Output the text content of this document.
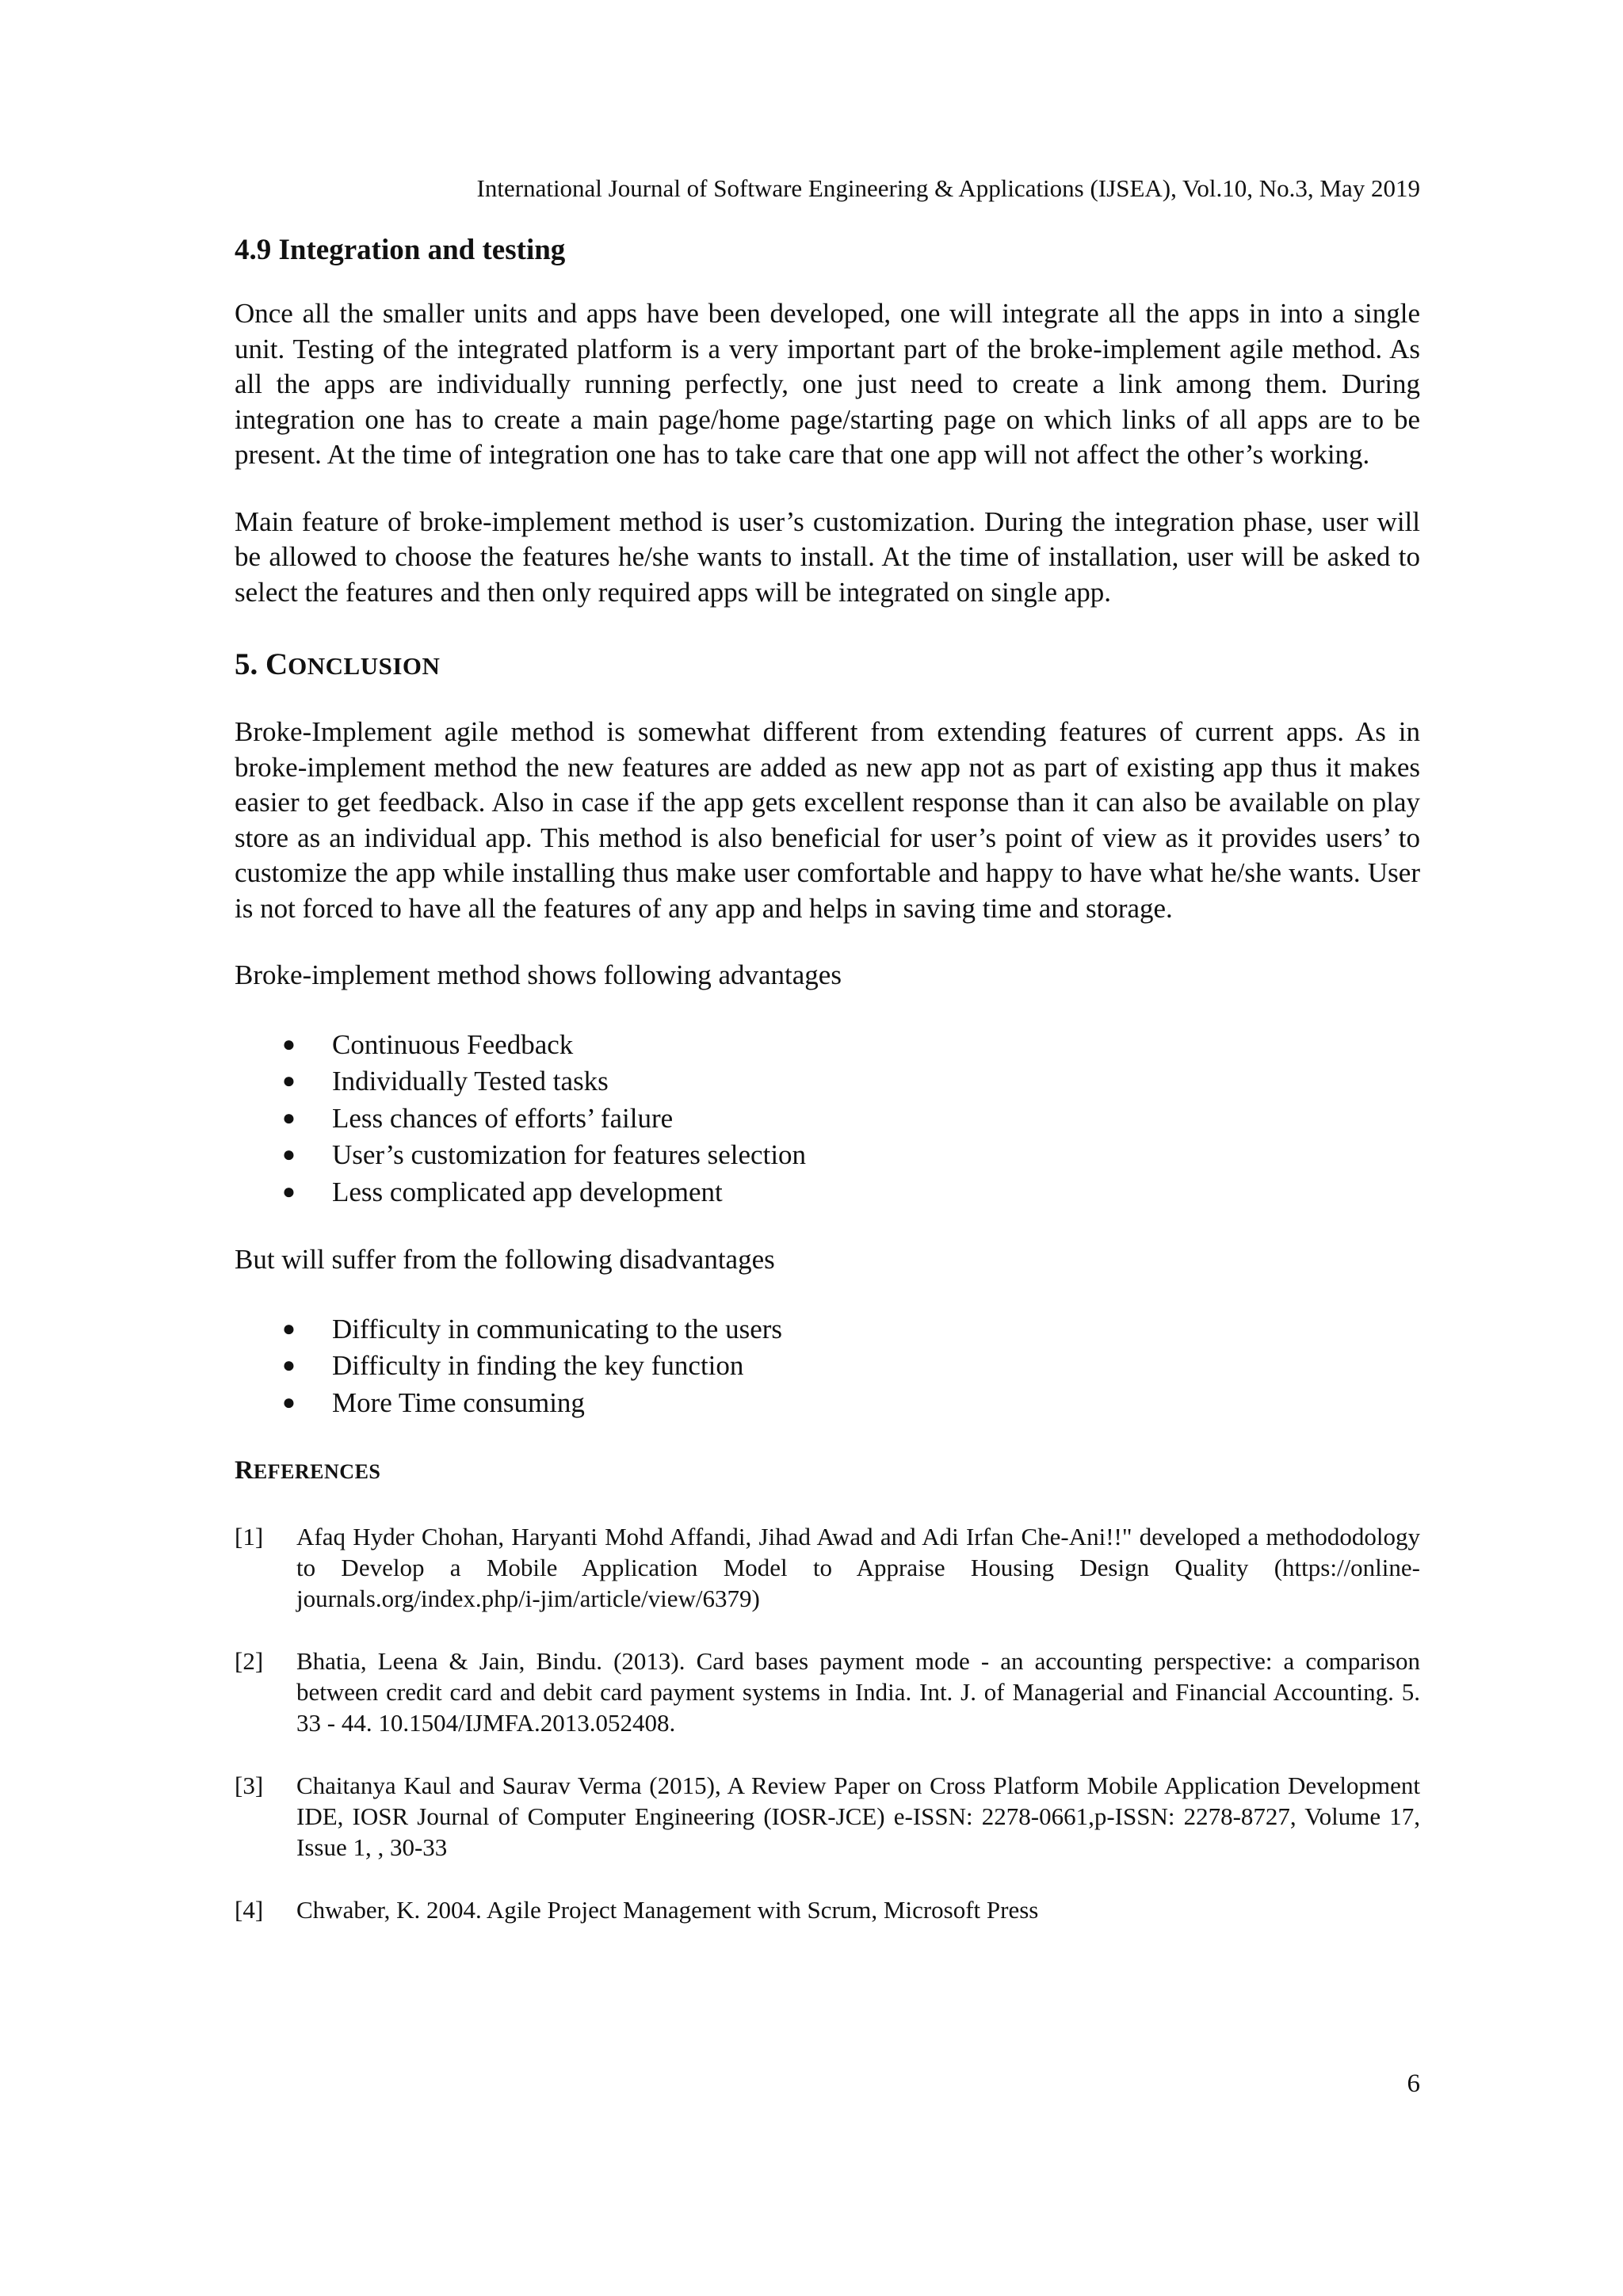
International Journal of Software Engineering & Applications (IJSEA), Vol.10, No.3, May 2019
4.9 Integration and testing

Once all the smaller units and apps have been developed, one will integrate all the apps in into a single unit. Testing of the integrated platform is a very important part of the broke-implement agile method. As all the apps are individually running perfectly, one just need to create a link among them. During integration one has to create a main page/home page/starting page on which links of all apps are to be present. At the time of integration one has to take care that one app will not affect the other’s working.

Main feature of broke-implement method is user’s customization. During the integration phase, user will be allowed to choose the features he/she wants to install. At the time of installation, user will be asked to select the features and then only required apps will be integrated on single app.

5. CONCLUSION

Broke-Implement agile method is somewhat different from extending features of current apps. As in broke-implement method the new features are added as new app not as part of existing app thus it makes easier to get feedback. Also in case if the app gets excellent response than it can also be available on play store as an individual app. This method is also beneficial for user’s point of view as it provides users’ to customize the app while installing thus make user comfortable and happy to have what he/she wants. User is not forced to have all the features of any app and helps in saving time and storage.

Broke-implement method shows following advantages

● Continuous Feedback
● Individually Tested tasks
● Less chances of efforts’ failure
● User’s customization for features selection
● Less complicated app development

But will suffer from the following disadvantages

● Difficulty in communicating to the users
● Difficulty in finding the key function
● More Time consuming
REFERENCES
[1] Afaq Hyder Chohan, Haryanti Mohd Affandi, Jihad Awad and Adi Irfan Che-Ani!!" developed a methododology to Develop a Mobile Application Model to Appraise Housing Design Quality (https://online-journals.org/index.php/i-jim/article/view/6379)
[2] Bhatia, Leena & Jain, Bindu. (2013). Card bases payment mode - an accounting perspective: a comparison between credit card and debit card payment systems in India. Int. J. of Managerial and Financial Accounting. 5. 33 - 44. 10.1504/IJMFA.2013.052408.
[3] Chaitanya Kaul and Saurav Verma (2015), A Review Paper on Cross Platform Mobile Application Development IDE, IOSR Journal of Computer Engineering (IOSR-JCE) e-ISSN: 2278-0661,p-ISSN: 2278-8727, Volume 17, Issue 1, , 30-33
[4] Chwaber, K. 2004. Agile Project Management with Scrum, Microsoft Press
6
